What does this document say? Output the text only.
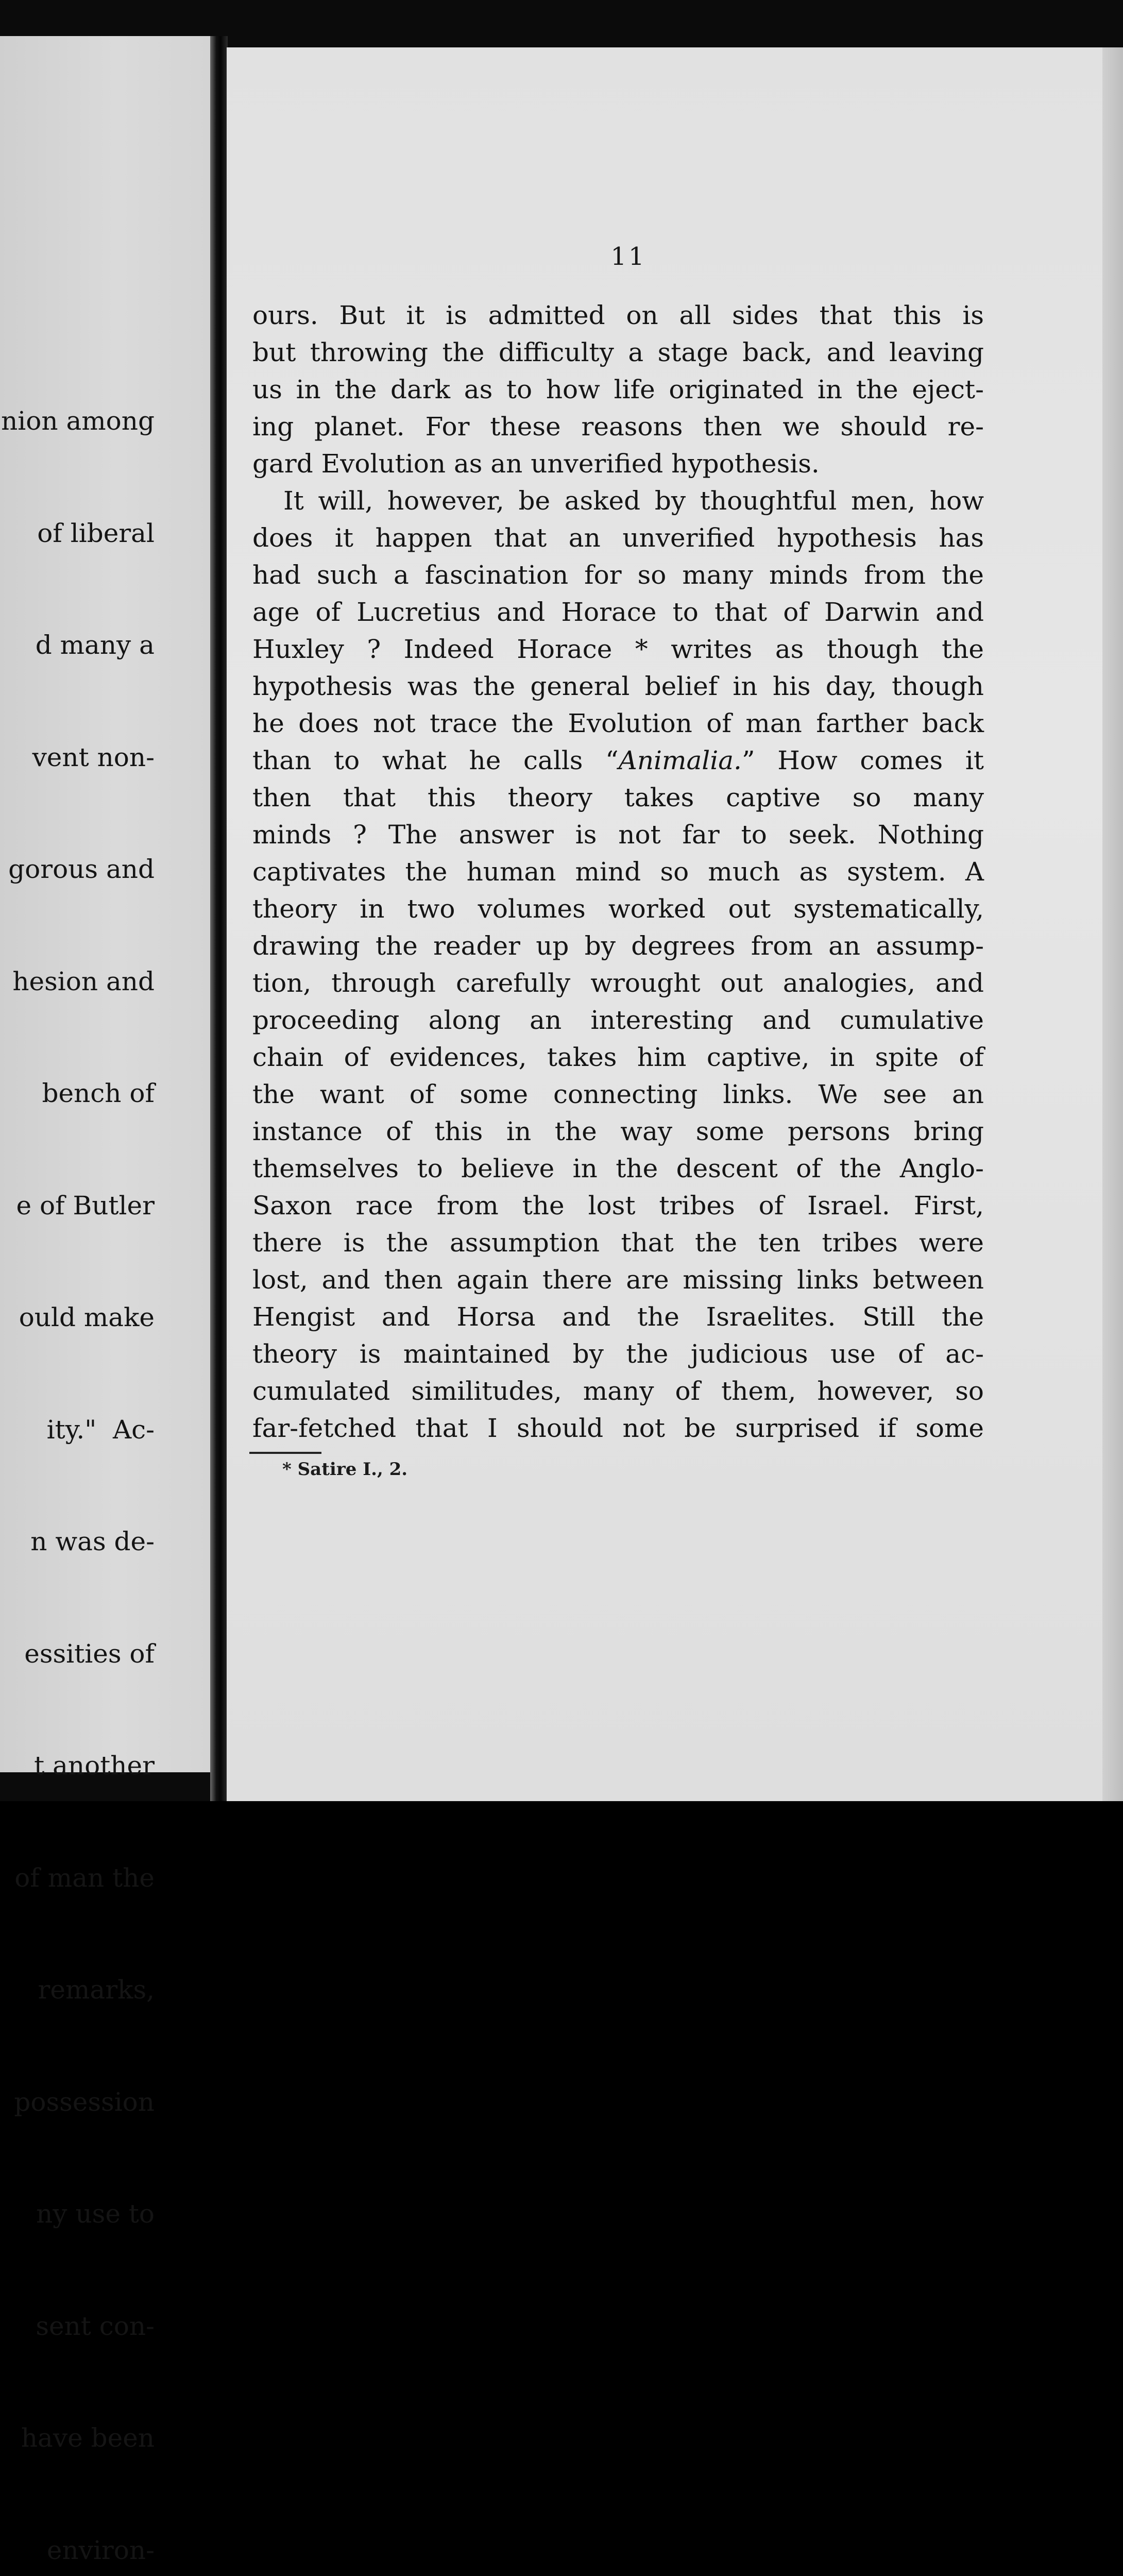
nion among

of liberal

d many a

vent non-

gorous and

hesion and

bench of

e of Butler

ould make

ity."  Ac-

n was de-

essities of

t another

of man the

remarks,

possession

ny use to

sent con-

have been

environ-

11
ours. But it is admitted on all sides that this is
but throwing the difficulty a stage back, and leaving
us in the dark as to how life originated in the eject-
ing planet. For these reasons then we should re-
gard Evolution as an unverified hypothesis.
It will, however, be asked by thoughtful men, how
does it happen that an unverified hypothesis has
had such a fascination for so many minds from the
age of Lucretius and Horace to that of Darwin and
Huxley ? Indeed Horace * writes as though the
hypothesis was the general belief in his day, though
he does not trace the Evolution of man farther back
than to what he calls “Animalia.” How comes it
then that this theory takes captive so many
minds ? The answer is not far to seek. Nothing
captivates the human mind so much as system. A
theory in two volumes worked out systematically,
drawing the reader up by degrees from an assump-
tion, through carefully wrought out analogies, and
proceeding along an interesting and cumulative
chain of evidences, takes him captive, in spite of
the want of some connecting links. We see an
instance of this in the way some persons bring
themselves to believe in the descent of the Anglo-
Saxon race from the lost tribes of Israel. First,
there is the assumption that the ten tribes were
lost, and then again there are missing links between
Hengist and Horsa and the Israelites. Still the
theory is maintained by the judicious use of ac-
cumulated similitudes, many of them, however, so
far-fetched that I should not be surprised if some
* Satire I., 2.
